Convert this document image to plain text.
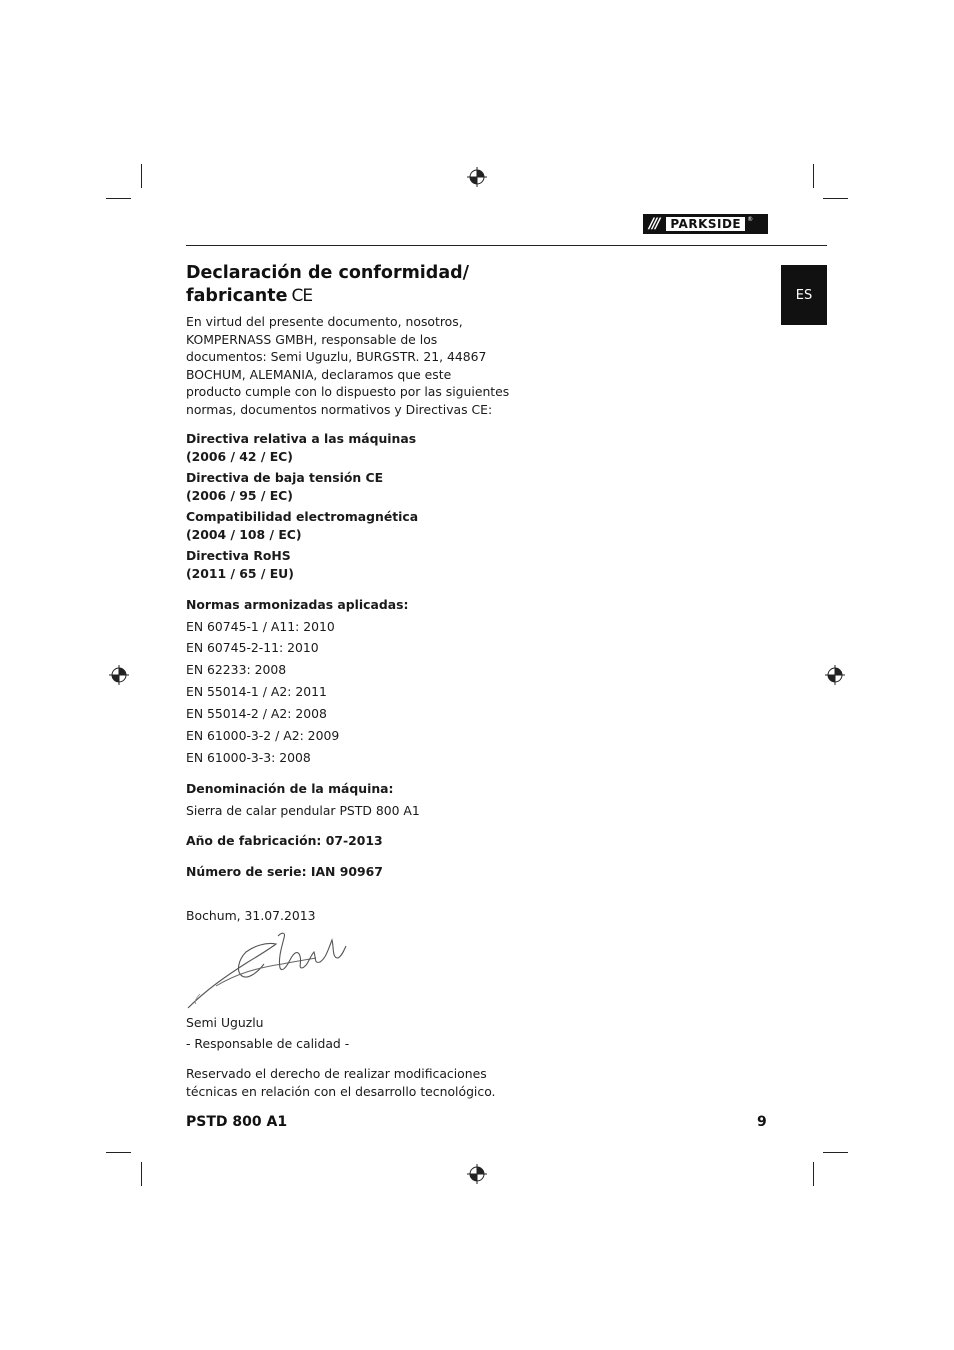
/// PARKSIDE ®
ES
Declaración de conformidad/
fabricante CE
En virtud del presente documento, nosotros,
KOMPERNASS GMBH, responsable de los
documentos: Semi Uguzlu, BURGSTR. 21, 44867
BOCHUM, ALEMANIA, declaramos que este
producto cumple con lo dispuesto por las siguientes
normas, documentos normativos y Directivas CE:
Directiva relativa a las máquinas
(2006 / 42 / EC)
Directiva de baja tensión CE
(2006 / 95 / EC)
Compatibilidad electromagnética
(2004 / 108 / EC)
Directiva RoHS
(2011 / 65 / EU)
Normas armonizadas aplicadas:
EN 60745-1 / A11: 2010
EN 60745-2-11: 2010
EN 62233: 2008
EN 55014-1 / A2: 2011
EN 55014-2 / A2: 2008
EN 61000-3-2 / A2: 2009
EN 61000-3-3: 2008
Denominación de la máquina:
Sierra de calar pendular PSTD 800 A1
Año de fabricación: 07-2013
Número de serie: IAN 90967
Bochum, 31.07.2013
Semi Uguzlu
- Responsable de calidad -
Reservado el derecho de realizar modificaciones
técnicas en relación con el desarrollo tecnológico.
PSTD 800 A1	9
